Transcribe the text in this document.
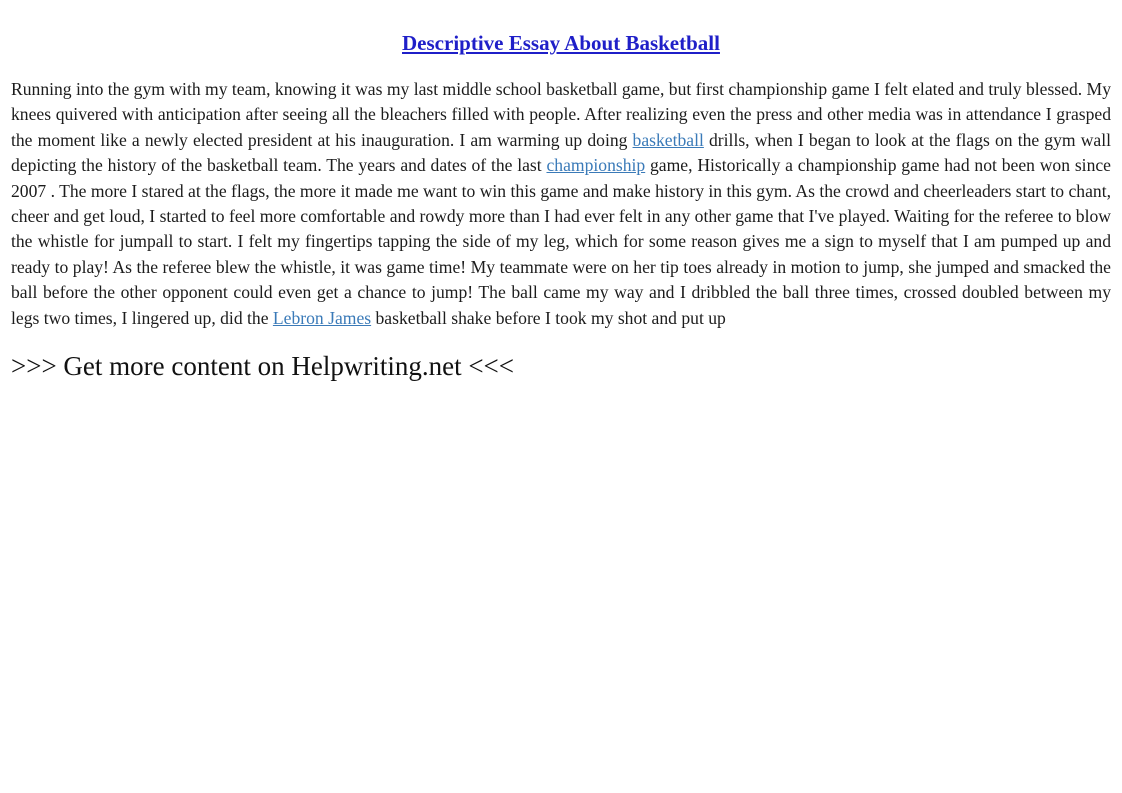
Descriptive Essay About Basketball

Running into the gym with my team, knowing it was my last middle school basketball game, but first championship game I felt elated and truly blessed. My knees quivered with anticipation after seeing all the bleachers filled with people. After realizing even the press and other media was in attendance I grasped the moment like a newly elected president at his inauguration. I am warming up doing basketball drills, when I began to look at the flags on the gym wall depicting the history of the basketball team. The years and dates of the last championship game, Historically a championship game had not been won since 2007 . The more I stared at the flags, the more it made me want to win this game and make history in this gym. As the crowd and cheerleaders start to chant, cheer and get loud, I started to feel more comfortable and rowdy more than I had ever felt in any other game that I've played. Waiting for the referee to blow the whistle for jumpall to start. I felt my fingertips tapping the side of my leg, which for some reason gives me a sign to myself that I am pumped up and ready to play! As the referee blew the whistle, it was game time! My teammate were on her tip toes already in motion to jump, she jumped and smacked the ball before the other opponent could even get a chance to jump! The ball came my way and I dribbled the ball three times, crossed doubled between my legs two times, I lingered up, did the Lebron James basketball shake before I took my shot and put up

>>> Get more content on Helpwriting.net <<<
